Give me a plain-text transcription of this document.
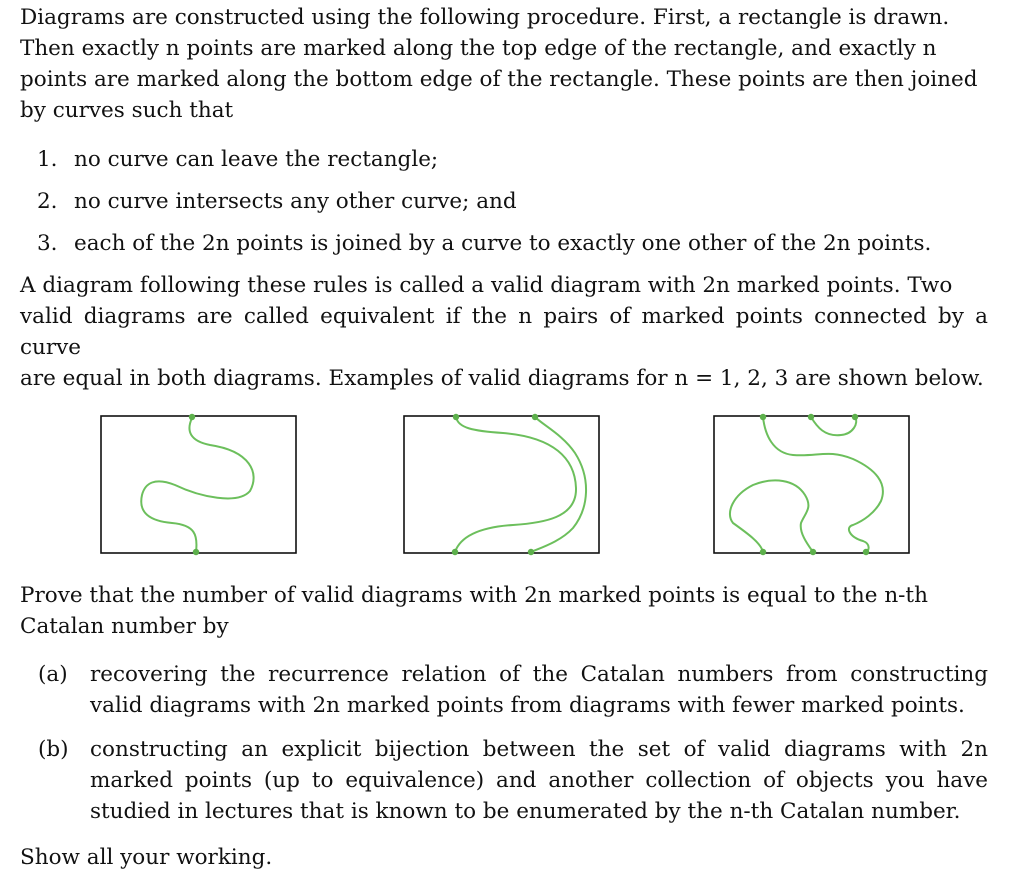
Diagrams are constructed using the following procedure. First, a rectangle is drawn.
Then exactly n points are marked along the top edge of the rectangle, and exactly n
points are marked along the bottom edge of the rectangle. These points are then joined
by curves such that

1. no curve can leave the rectangle;
2. no curve intersects any other curve; and
3. each of the 2n points is joined by a curve to exactly one other of the 2n points.

A diagram following these rules is called a valid diagram with 2n marked points. Two
valid diagrams are called equivalent if the n pairs of marked points connected by a curve
are equal in both diagrams. Examples of valid diagrams for n = 1, 2, 3 are shown below.

Prove that the number of valid diagrams with 2n marked points is equal to the n-th
Catalan number by

(a) recovering the recurrence relation of the Catalan numbers from constructing valid diagrams with 2n marked points from diagrams with fewer marked points.
(b) constructing an explicit bijection between the set of valid diagrams with 2n marked points (up to equivalence) and another collection of objects you have studied in lectures that is known to be enumerated by the n-th Catalan number.
Show all your working.
